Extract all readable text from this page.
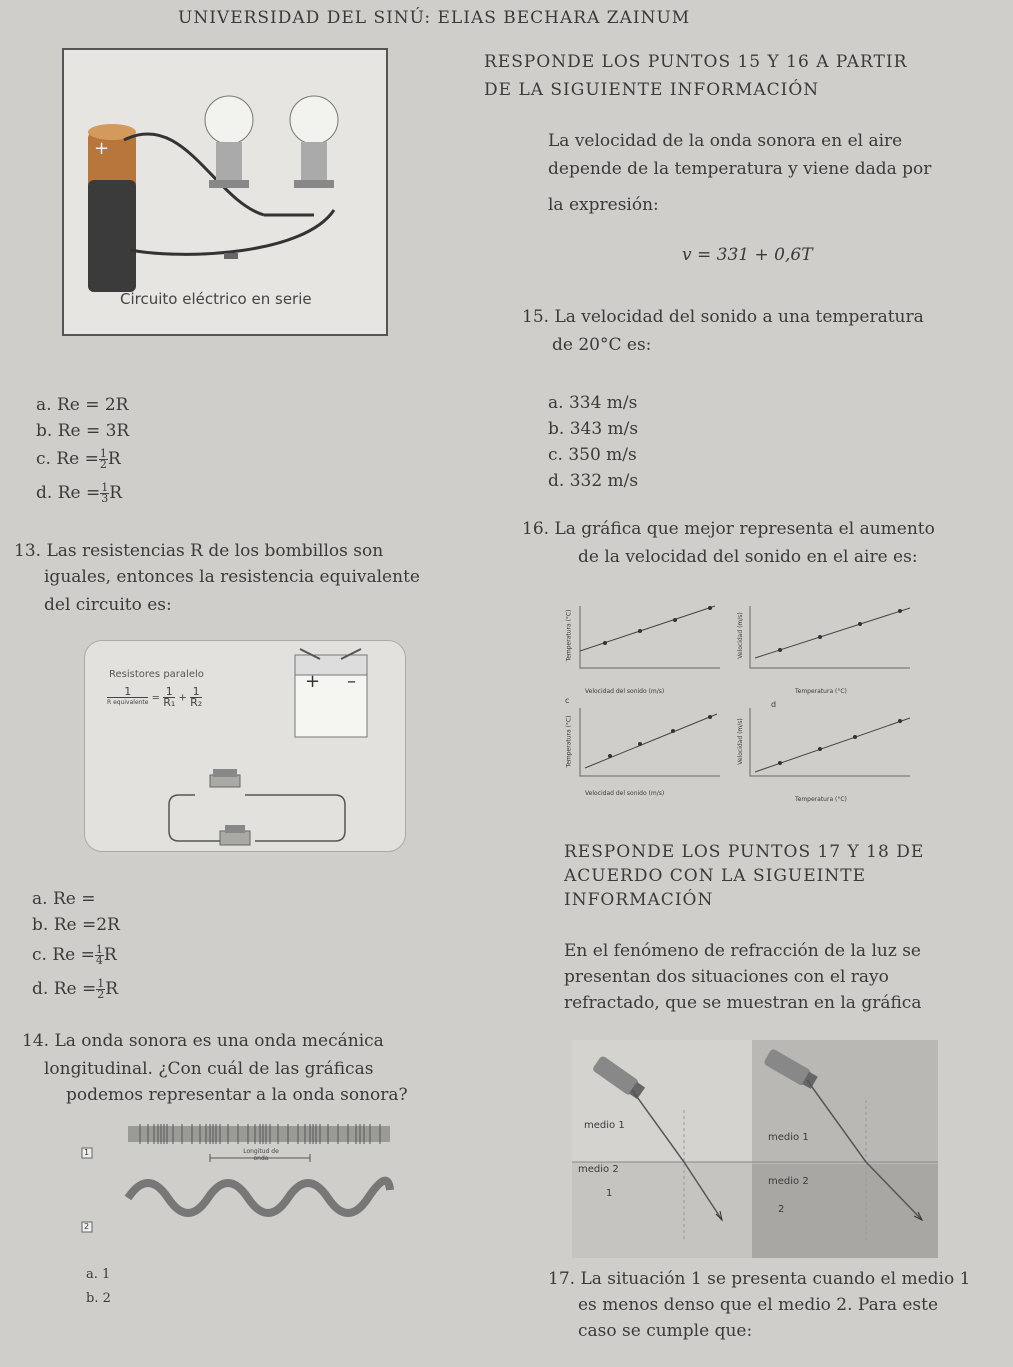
UNIVERSIDAD DEL SINÚ: ELIAS BECHARA ZAINUM
+
Circuito eléctrico en serie
RESPONDE LOS PUNTOS 15 Y 16 A PARTIR
DE LA SIGUIENTE INFORMACIÓN
La velocidad de la onda sonora en el aire
depende de la temperatura y viene dada por
la expresión:
v = 331 + 0,6T
15. La velocidad del sonido a una temperatura
de 20°C es:
a. 334 m/s
b. 343 m/s
c. 350 m/s
d. 332 m/s
a. Re = 2R
b. Re = 3R
c. $Re = \frac{1}{2}$ R
d. $Re = \frac{1}{3}$ R
16. La gráfica que mejor representa el aumento
de la velocidad del sonido en el aire es:
Velocidad del sonido (m/s)	Temperatura (°C)
Velocidad del sonido (m/s)
Temperatura (°C)
Temperatura (°C)	Velocidad (m/s)
Temperatura (°C)	Velocidad (m/s)
c	d
13. Las resistencias R de los bombillos son
iguales, entonces la resistencia equivalente
del circuito es:
Resistores paralelo
$\frac{1}{\text{R equivalente}} = \frac{1}{\text{R₁}} + \frac{1}{\text{R₂}}$
+ –
RESPONDE LOS PUNTOS 17 Y 18 DE
ACUERDO CON LA SIGUEINTE
INFORMACIÓN
En el fenómeno de refracción de la luz se
presentan dos situaciones con el rayo
refractado, que se muestran en la gráfica
a. Re =
b. Re =2R
c. $Re = \frac{1}{4}$ R
d. $Re = \frac{1}{2}$ R
14. La onda sonora es una onda mecánica
longitudinal. ¿Con cuál de las gráficas
podemos representar a la onda sonora?
1
2
Longitud de onda
a. 1
b. 2
medio 1
medio 2
medio 1
medio 2
1
2
17. La situación 1 se presenta cuando el medio 1
es menos denso que el medio 2. Para este
caso se cumple que:
